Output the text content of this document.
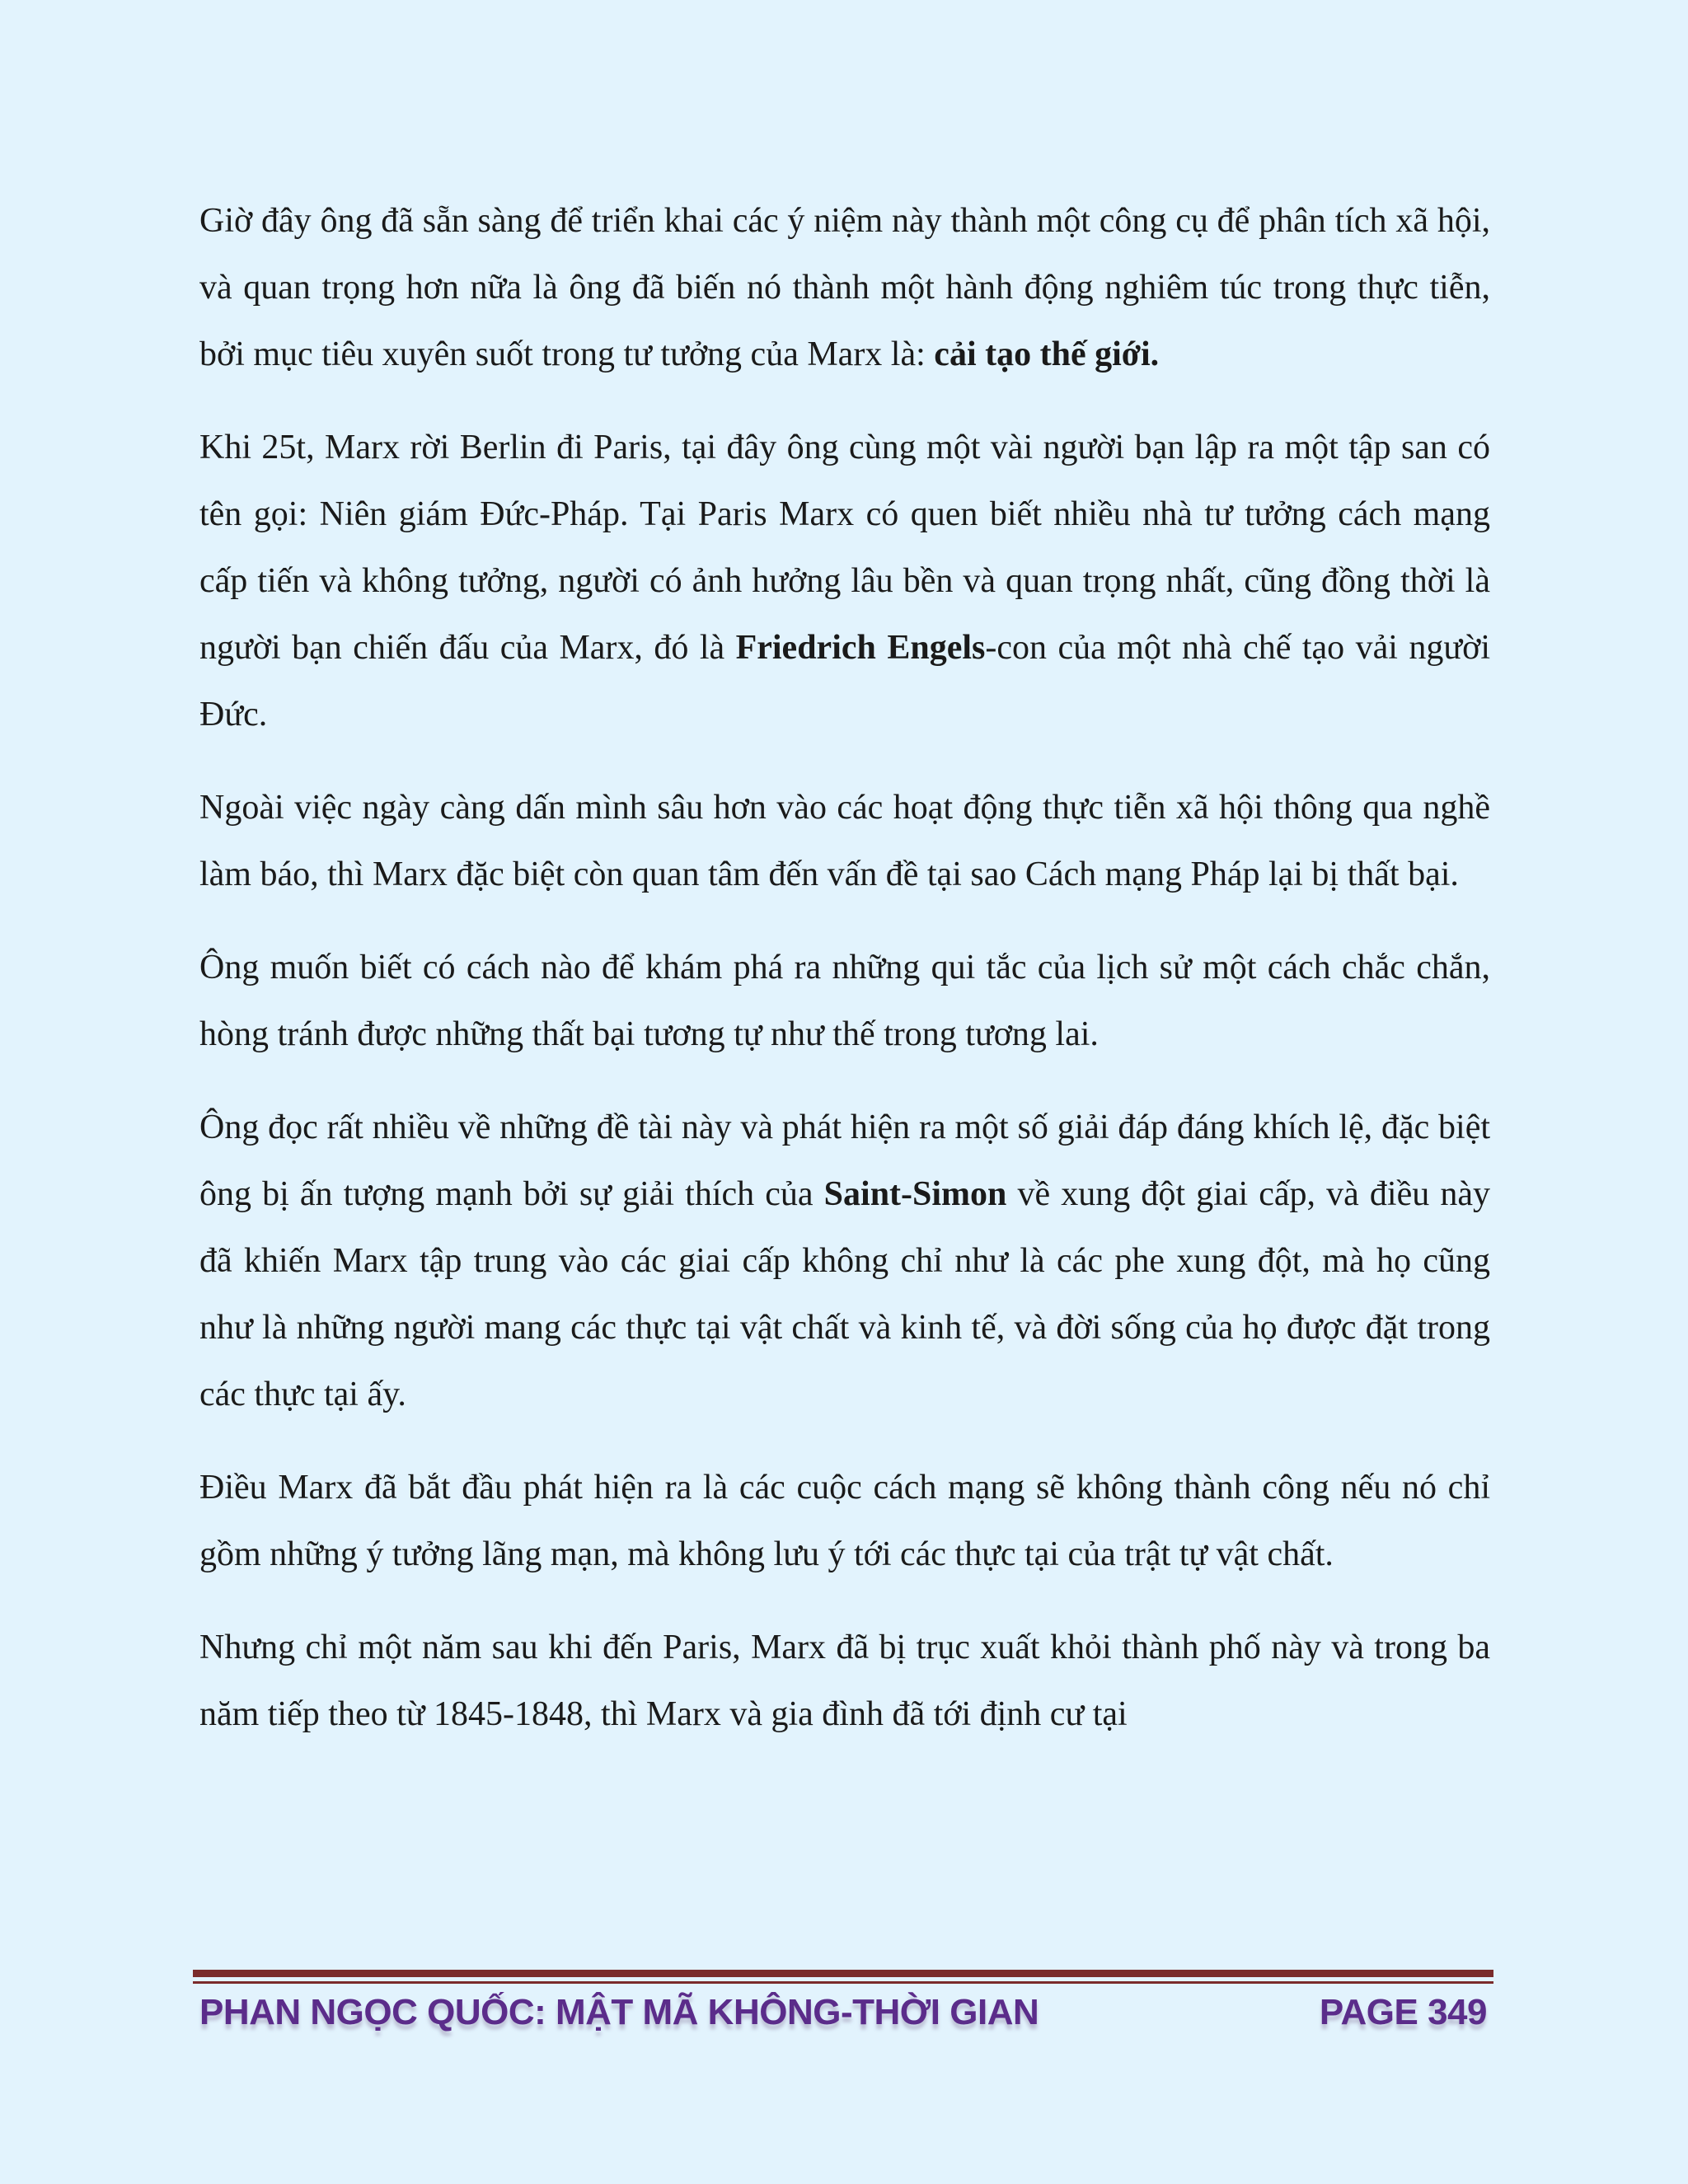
Giờ đây ông đã sẵn sàng để triển khai các ý niệm này thành một công cụ để phân tích xã hội, và quan trọng hơn nữa là ông đã biến nó thành một hành động nghiêm túc trong thực tiễn, bởi mục tiêu xuyên suốt trong tư tưởng của Marx là: cải tạo thế giới.

Khi 25t, Marx rời Berlin đi Paris, tại đây ông cùng một vài người bạn lập ra một tập san có tên gọi: Niên giám Đức-Pháp. Tại Paris Marx có quen biết nhiều nhà tư tưởng cách mạng cấp tiến và không tưởng, người có ảnh hưởng lâu bền và quan trọng nhất, cũng đồng thời là người bạn chiến đấu của Marx, đó là Friedrich Engels-con của một nhà chế tạo vải người Đức.

Ngoài việc ngày càng dấn mình sâu hơn vào các hoạt động thực tiễn xã hội thông qua nghề làm báo, thì Marx đặc biệt còn quan tâm đến vấn đề tại sao Cách mạng Pháp lại bị thất bại.

Ông muốn biết có cách nào để khám phá ra những qui tắc của lịch sử một cách chắc chắn, hòng tránh được những thất bại tương tự như thế trong tương lai.

Ông đọc rất nhiều về những đề tài này và phát hiện ra một số giải đáp đáng khích lệ, đặc biệt ông bị ấn tượng mạnh bởi sự giải thích của Saint-Simon về xung đột giai cấp, và điều này đã khiến Marx tập trung vào các giai cấp không chỉ như là các phe xung đột, mà họ cũng như là những người mang các thực tại vật chất và kinh tế, và đời sống của họ được đặt trong các thực tại ấy.

Điều Marx đã bắt đầu phát hiện ra là các cuộc cách mạng sẽ không thành công nếu nó chỉ gồm những ý tưởng lãng mạn, mà không lưu ý tới các thực tại của trật tự vật chất.

Nhưng chỉ một năm sau khi đến Paris, Marx đã bị trục xuất khỏi thành phố này và trong ba năm tiếp theo từ 1845-1848, thì Marx và gia đình đã tới định cư tại

PHAN NGỌC QUỐC: MẬT MÃ KHÔNG-THỜI GIAN	PAGE 349
